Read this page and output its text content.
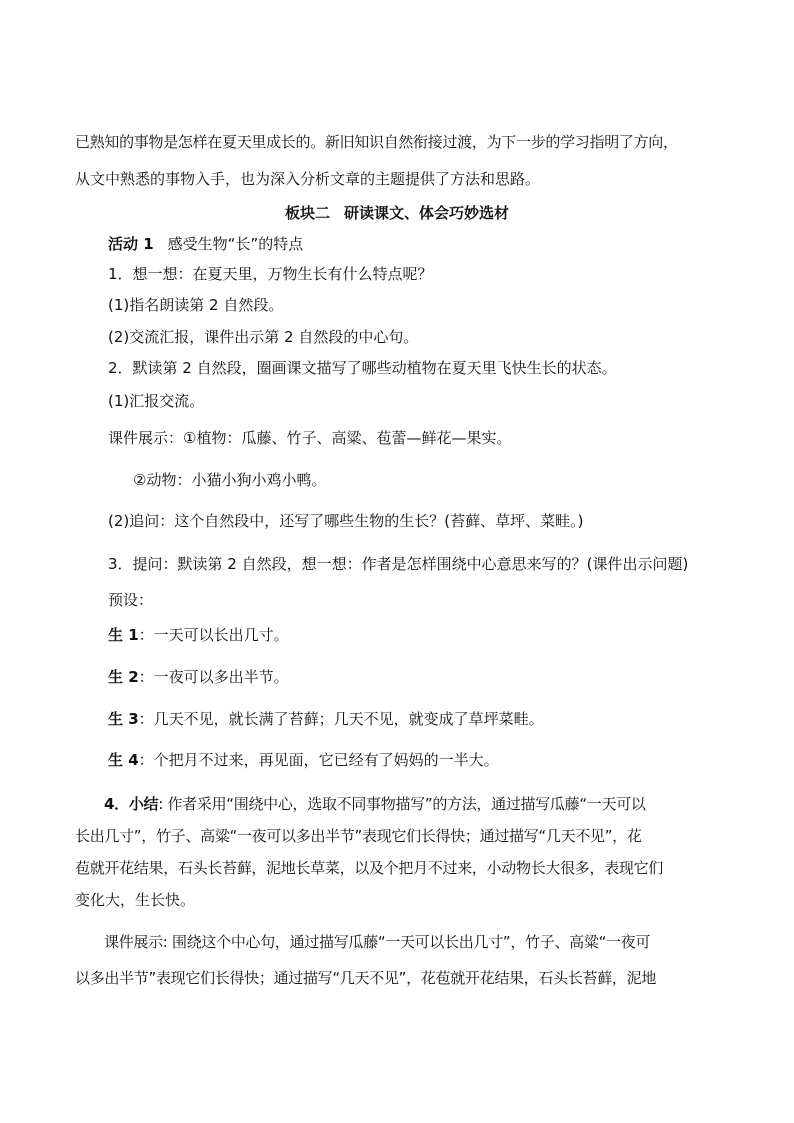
已熟知的事物是怎样在夏天里成长的。新旧知识自然衔接过渡，为下一步的学习指明了方向，
从文中熟悉的事物入手，也为深入分析文章的主题提供了方法和思路。
板块二 研读课文、体会巧妙选材
活动 1 感受生物“长”的特点
1．想一想：在夏天里，万物生长有什么特点呢？
(1)指名朗读第 2 自然段。
(2)交流汇报，课件出示第 2 自然段的中心句。
2．默读第 2 自然段，圈画课文描写了哪些动植物在夏天里飞快生长的状态。
(1)汇报交流。
课件展示：①植物：瓜藤、竹子、高粱、苞蕾—鲜花—果实。
②动物：小猫小狗小鸡小鸭。
(2)追问：这个自然段中，还写了哪些生物的生长？(苔藓、草坪、菜畦。)
3．提问：默读第 2 自然段，想一想：作者是怎样围绕中心意思来写的？(课件出示问题)
预设：
生 1：一天可以长出几寸。
生 2：一夜可以多出半节。
生 3：几天不见，就长满了苔藓；几天不见，就变成了草坪菜畦。
生 4：个把月不过来，再见面，它已经有了妈妈的一半大。
4．小结: 作者采用“围绕中心，选取不同事物描写”的方法，通过描写瓜藤“一天可以
长出几寸”，竹子、高粱“一夜可以多出半节”表现它们长得快；通过描写“几天不见”，花
苞就开花结果，石头长苔藓，泥地长草菜，以及个把月不过来，小动物长大很多，表现它们
变化大，生长快。
课件展示: 围绕这个中心句，通过描写瓜藤“一天可以长出几寸”，竹子、高粱“一夜可
以多出半节”表现它们长得快；通过描写“几天不见”，花苞就开花结果，石头长苔藓，泥地
